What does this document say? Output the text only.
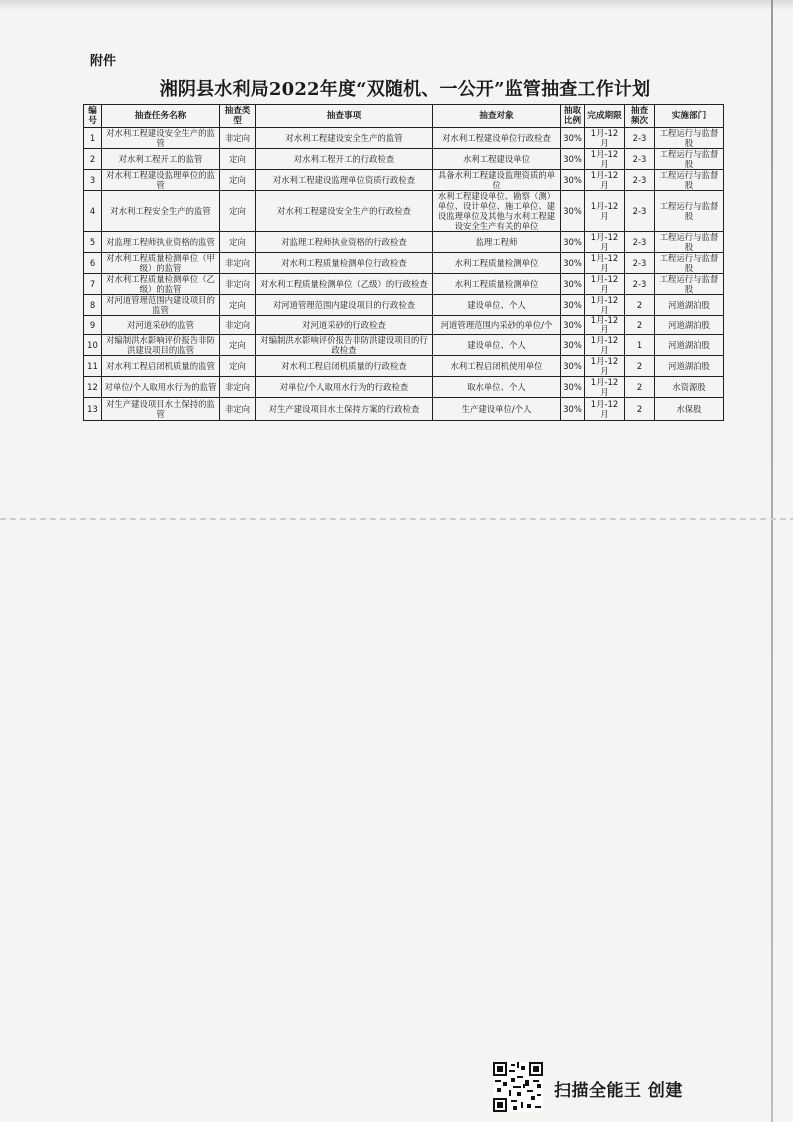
附件
湘阴县水利局2022年度“双随机、一公开”监管抽查工作计划
编号	抽查任务名称	抽查类型	抽查事项	抽查对象	抽取比例	完成期限	抽查频次	实施部门
1	对水利工程建设安全生产的监管	非定向	对水利工程建设安全生产的监管	对水利工程建设单位行政检查	30%	1月-12月	2-3	工程运行与监督股
2	对水利工程开工的监管	定向	对水利工程开工的行政检查	水利工程建设单位	30%	1月-12月	2-3	工程运行与监督股
3	对水利工程建设监理单位的监管	定向	对水利工程建设监理单位资质行政检查	具备水利工程建设监理资质的单位	30%	1月-12月	2-3	工程运行与监督股
4	对水利工程安全生产的监管	定向	对水利工程建设安全生产的行政检查	水利工程建设单位、勘察（测）单位、设计单位、施工单位、建设监理单位及其他与水利工程建设安全生产有关的单位	30%	1月-12月	2-3	工程运行与监督股
5	对监理工程师执业资格的监管	定向	对监理工程师执业资格的行政检查	监理工程师	30%	1月-12月	2-3	工程运行与监督股
6	对水利工程质量检测单位（甲级）的监管	非定向	对水利工程质量检测单位行政检查	水利工程质量检测单位	30%	1月-12月	2-3	工程运行与监督股
7	对水利工程质量检测单位（乙级）的监管	非定向	对水利工程质量检测单位（乙级）的行政检查	水利工程质量检测单位	30%	1月-12月	2-3	工程运行与监督股
8	对河道管理范围内建设项目的监管	定向	对河道管理范围内建设项目的行政检查	建设单位、个人	30%	1月-12月	2	河道湖泊股
9	对河道采砂的监管	非定向	对河道采砂的行政检查	河道管理范围内采砂的单位/个	30%	1月-12月	2	河道湖泊股
10	对编制洪水影响评价报告非防洪建设项目的监管	定向	对编制洪水影响评价报告非防洪建设项目的行政检查	建设单位、个人	30%	1月-12月	1	河道湖泊股
11	对水利工程启闭机质量的监管	定向	对水利工程启闭机质量的行政检查	水利工程启闭机使用单位	30%	1月-12月	2	河道湖泊股
12	对单位/个人取用水行为的监管	非定向	对单位/个人取用水行为的行政检查	取水单位、个人	30%	1月-12月	2	水资源股
13	对生产建设项目水土保持的监管	非定向	对生产建设项目水土保持方案的行政检查	生产建设单位/个人	30%	1月-12月	2	水保股
扫描全能王 创建
